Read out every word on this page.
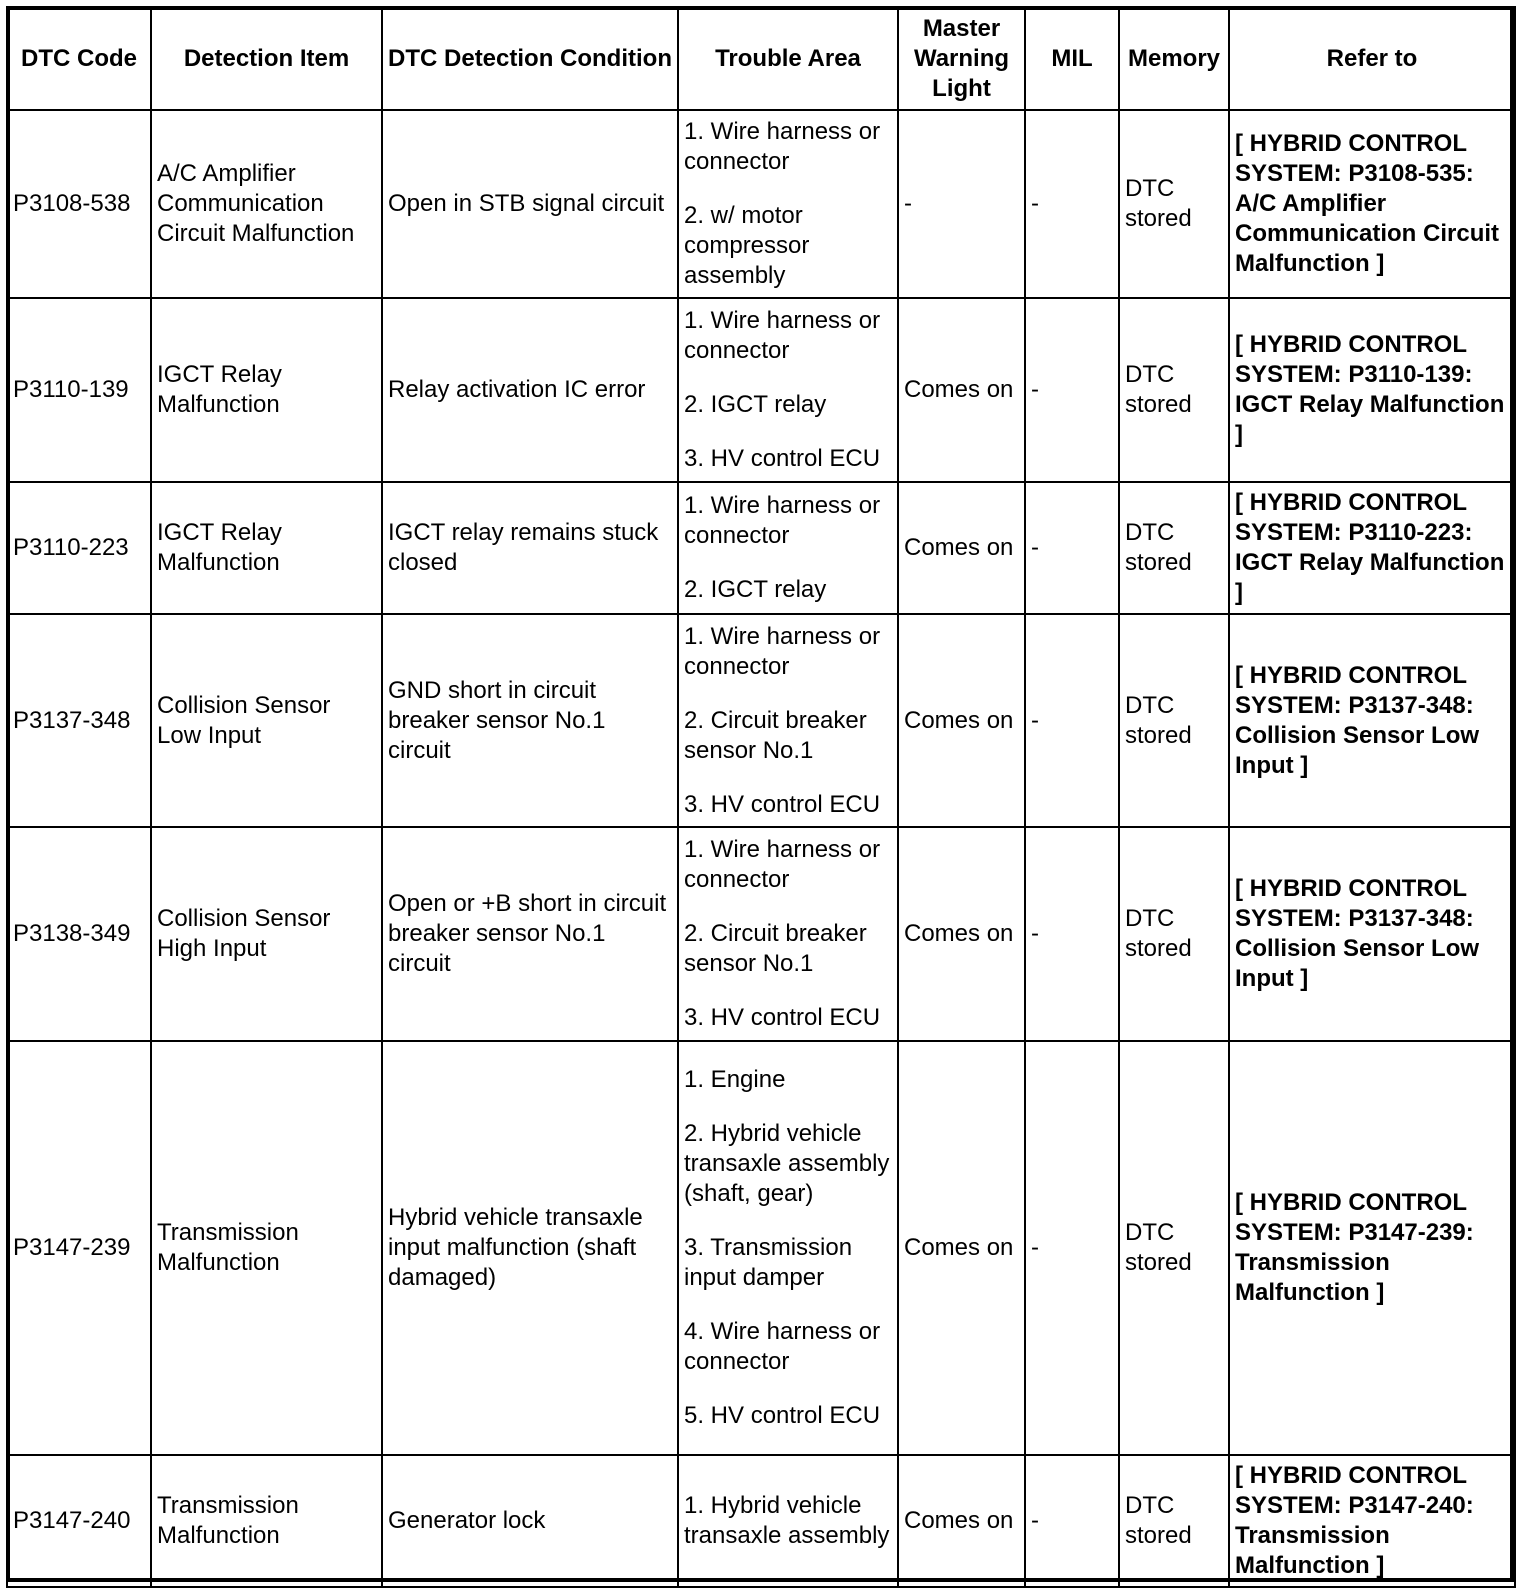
DTC Code	Detection Item	DTC Detection Condition	Trouble Area	Master Warning Light	MIL	Memory	Refer to
P3108-538	A/C Amplifier Communication Circuit Malfunction	Open in STB signal circuit	1. Wire harness or connector

2. w/ motor compressor assembly	-	-	DTC stored	[ HYBRID CONTROL SYSTEM: P3108-535: A/C Amplifier Communication Circuit Malfunction ]
P3110-139	IGCT Relay Malfunction	Relay activation IC error	1. Wire harness or connector

2. IGCT relay

3. HV control ECU	Comes on	-	DTC stored	[ HYBRID CONTROL SYSTEM: P3110-139: IGCT Relay Malfunction ]
P3110-223	IGCT Relay Malfunction	IGCT relay remains stuck closed	1. Wire harness or connector

2. IGCT relay	Comes on	-	DTC stored	[ HYBRID CONTROL SYSTEM: P3110-223: IGCT Relay Malfunction ]
P3137-348	Collision Sensor Low Input	GND short in circuit breaker sensor No.1 circuit	1. Wire harness or connector

2. Circuit breaker sensor No.1

3. HV control ECU	Comes on	-	DTC stored	[ HYBRID CONTROL SYSTEM: P3137-348: Collision Sensor Low Input ]
P3138-349	Collision Sensor High Input	Open or +B short in circuit breaker sensor No.1 circuit	1. Wire harness or connector

2. Circuit breaker sensor No.1

3. HV control ECU	Comes on	-	DTC stored	[ HYBRID CONTROL SYSTEM: P3137-348: Collision Sensor Low Input ]
P3147-239	Transmission Malfunction	Hybrid vehicle transaxle input malfunction (shaft damaged)	1. Engine

2. Hybrid vehicle transaxle assembly (shaft, gear)

3. Transmission input damper

4. Wire harness or connector

5. HV control ECU	Comes on	-	DTC stored	[ HYBRID CONTROL SYSTEM: P3147-239: Transmission Malfunction ]
P3147-240	Transmission Malfunction	Generator lock	1. Hybrid vehicle transaxle assembly	Comes on	-	DTC stored	[ HYBRID CONTROL SYSTEM: P3147-240: Transmission Malfunction ]
